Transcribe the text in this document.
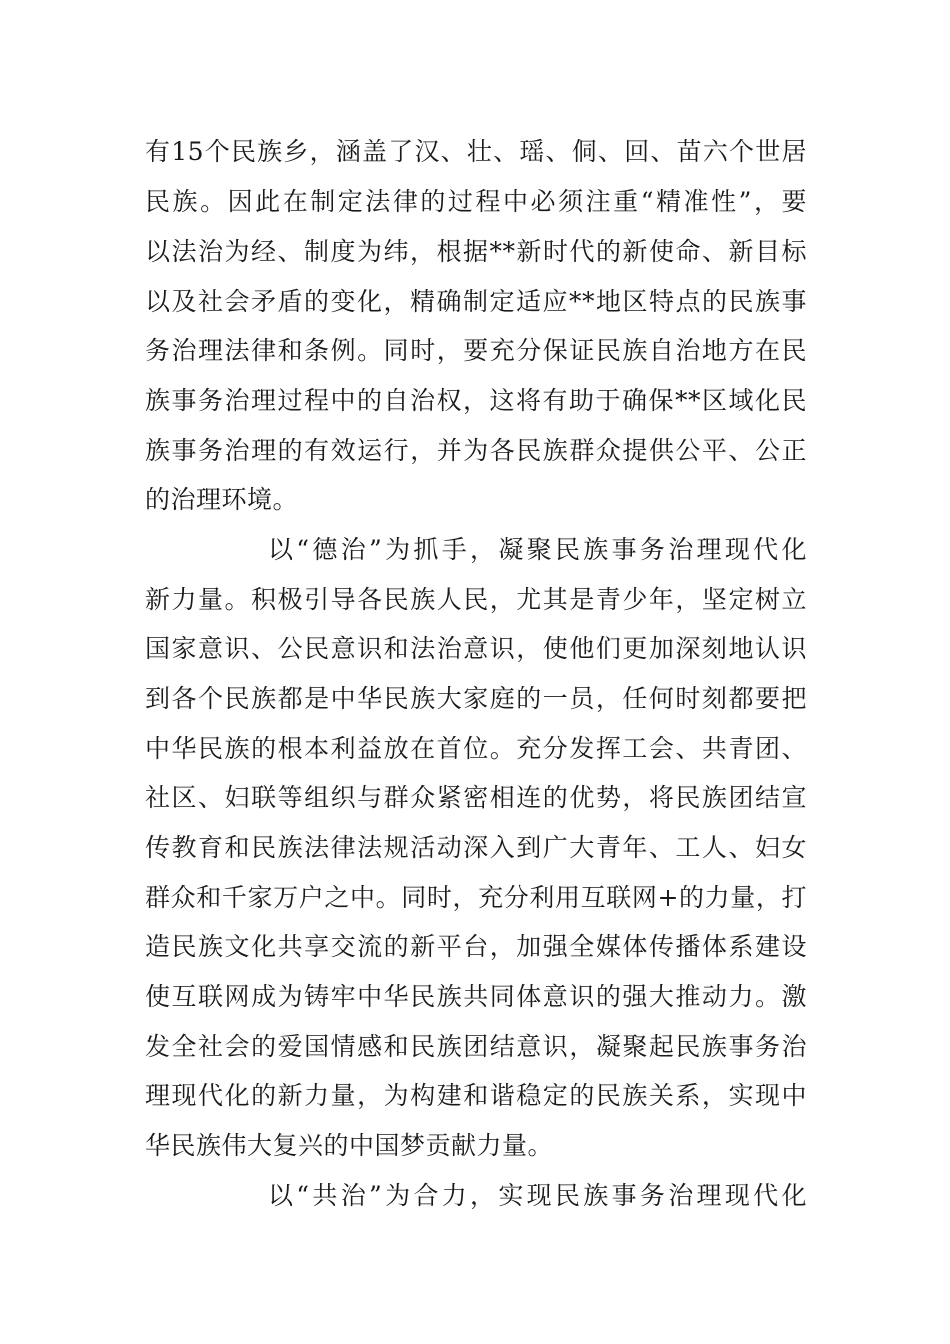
有15个民族乡，涵盖了汉、壮、瑶、侗、回、苗六个世居
民族。因此在制定法律的过程中必须注重“精准性”，要
以法治为经、制度为纬，根据**新时代的新使命、新目标
以及社会矛盾的变化，精确制定适应**地区特点的民族事
务治理法律和条例。同时，要充分保证民族自治地方在民
族事务治理过程中的自治权，这将有助于确保**区域化民
族事务治理的有效运行，并为各民族群众提供公平、公正
的治理环境。
以“德治”为抓手，凝聚民族事务治理现代化
新力量。积极引导各民族人民，尤其是青少年，坚定树立
国家意识、公民意识和法治意识，使他们更加深刻地认识
到各个民族都是中华民族大家庭的一员，任何时刻都要把
中华民族的根本利益放在首位。充分发挥工会、共青团、
社区、妇联等组织与群众紧密相连的优势，将民族团结宣
传教育和民族法律法规活动深入到广大青年、工人、妇女
群众和千家万户之中。同时，充分利用互联网+的力量，打
造民族文化共享交流的新平台，加强全媒体传播体系建设
使互联网成为铸牢中华民族共同体意识的强大推动力。激
发全社会的爱国情感和民族团结意识，凝聚起民族事务治
理现代化的新力量，为构建和谐稳定的民族关系，实现中
华民族伟大复兴的中国梦贡献力量。
以“共治”为合力，实现民族事务治理现代化
